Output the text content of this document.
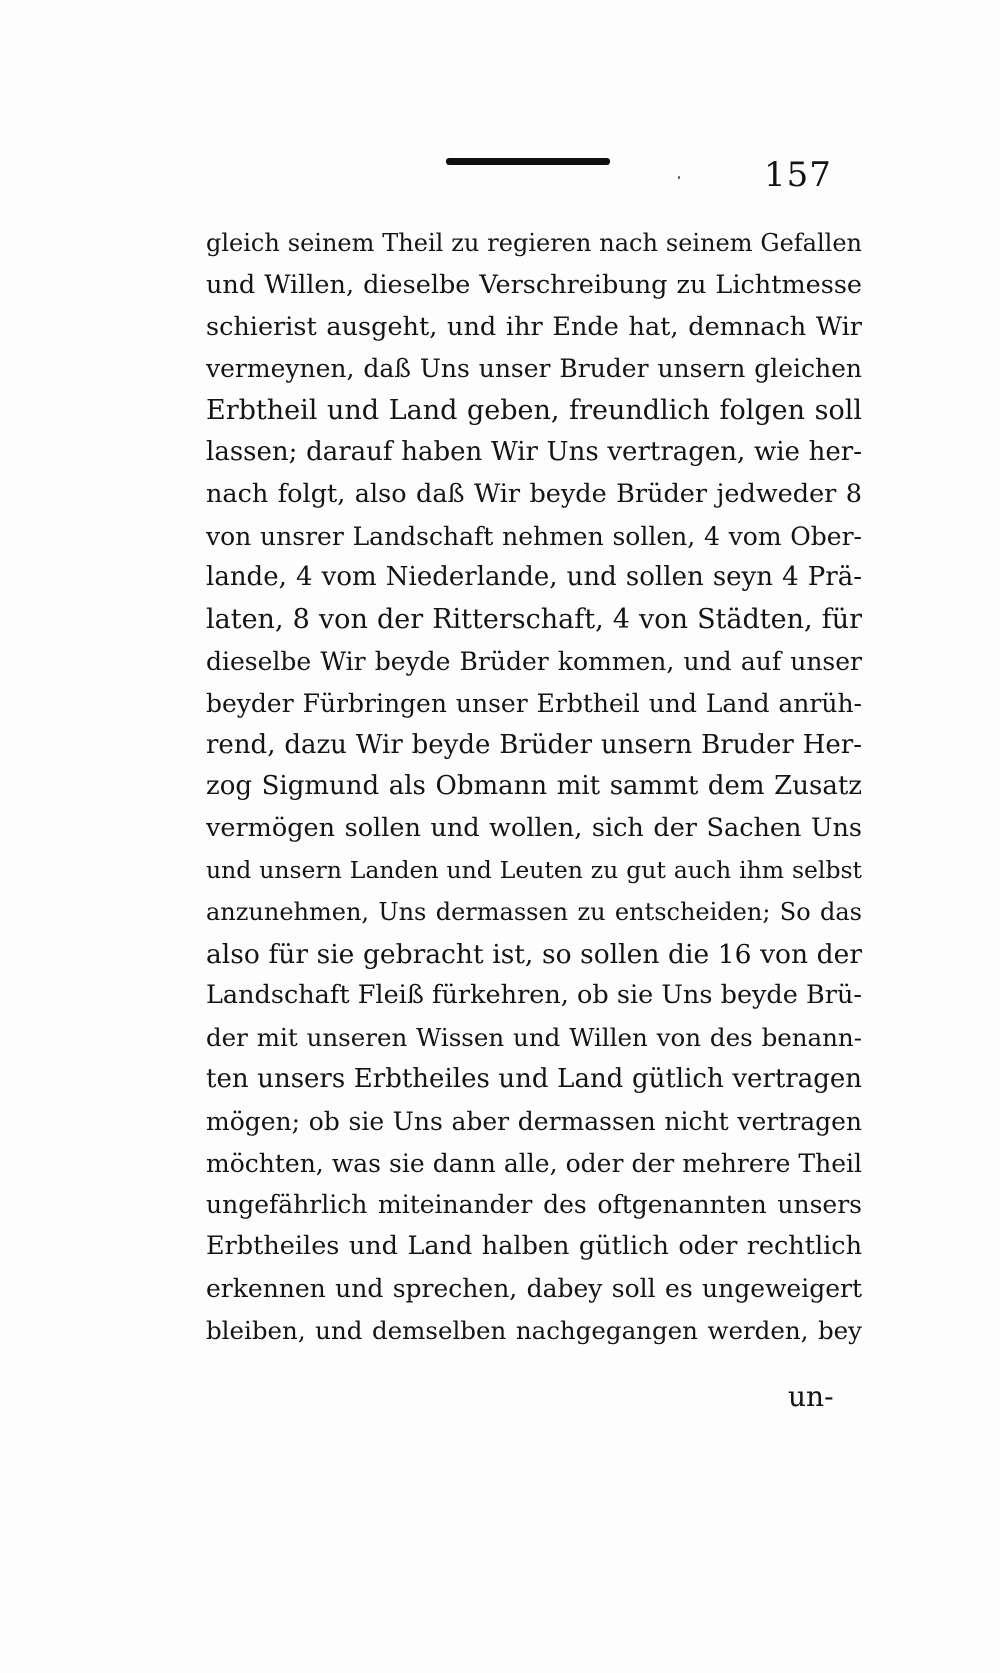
157
gleich seinem Theil zu regieren nach seinem Gefallen
und Willen, dieselbe Verschreibung zu Lichtmesse
schierist ausgeht, und ihr Ende hat, demnach Wir
vermeynen, daß Uns unser Bruder unsern gleichen
Erbtheil und Land geben, freundlich folgen soll
lassen; darauf haben Wir Uns vertragen, wie her-
nach folgt, also daß Wir beyde Brüder jedweder 8
von unsrer Landschaft nehmen sollen, 4 vom Ober-
lande, 4 vom Niederlande, und sollen seyn 4 Prä-
laten, 8 von der Ritterschaft, 4 von Städten, für
dieselbe Wir beyde Brüder kommen, und auf unser
beyder Fürbringen unser Erbtheil und Land anrüh-
rend, dazu Wir beyde Brüder unsern Bruder Her-
zog Sigmund als Obmann mit sammt dem Zusatz
vermögen sollen und wollen, sich der Sachen Uns
und unsern Landen und Leuten zu gut auch ihm selbst
anzunehmen, Uns dermassen zu entscheiden; So das
also für sie gebracht ist, so sollen die 16 von der
Landschaft Fleiß fürkehren, ob sie Uns beyde Brü-
der mit unseren Wissen und Willen von des benann-
ten unsers Erbtheiles und Land gütlich vertragen
mögen; ob sie Uns aber dermassen nicht vertragen
möchten, was sie dann alle, oder der mehrere Theil
ungefährlich miteinander des oftgenannten unsers
Erbtheiles und Land halben gütlich oder rechtlich
erkennen und sprechen, dabey soll es ungeweigert
bleiben, und demselben nachgegangen werden, bey
un-
